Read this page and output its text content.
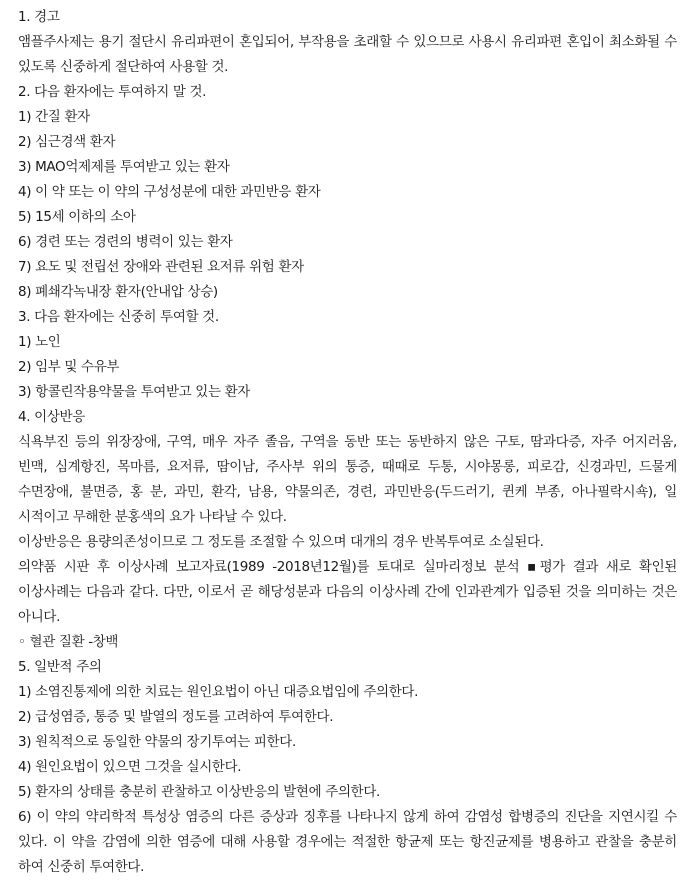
1. 경고

앰플주사제는 용기 절단시 유리파편이 혼입되어, 부작용을 초래할 수 있으므로 사용시 유리파편 혼입이 최소화될 수 있도록 신중하게 절단하여 사용할 것.

2. 다음 환자에는 투여하지 말 것.

1) 간질 환자

2) 심근경색 환자

3) MAO억제제를 투여받고 있는 환자

4) 이 약 또는 이 약의 구성성분에 대한 과민반응 환자

5) 15세 이하의 소아

6) 경련 또는 경련의 병력이 있는 환자

7) 요도 및 전립선 장애와 관련된 요저류 위험 환자

8) 폐쇄각녹내장 환자(안내압 상승)

3. 다음 환자에는 신중히 투여할 것.

1) 노인

2) 임부 및 수유부

3) 항콜린작용약물을 투여받고 있는 환자

4. 이상반응

식욕부진 등의 위장장애, 구역, 매우 자주 졸음, 구역을 동반 또는 동반하지 않은 구토, 땀과다증, 자주 어지러움, 빈맥, 심계항진, 목마름, 요저류, 땀이남, 주사부 위의 통증, 때때로 두통, 시야몽롱, 피로감, 신경과민, 드물게 수면장애, 불면증, 홍 분, 과민, 환각, 남용, 약물의존, 경련, 과민반응(두드러기, 퀸케 부종, 아나필락시쇽), 일 시적이고 무해한 분홍색의 요가 나타날 수 있다.

이상반응은 용량의존성이므로 그 정도를 조절할 수 있으며 대개의 경우 반복투여로 소실된다.

의약품 시판 후 이상사례 보고자료(1989 -2018년12월)를 토대로 실마리정보 분석 ▪평가 결과 새로 확인된 이상사례는 다음과 같다. 다만, 이로서 곧 해당성분과 다음의 이상사례 간에 인과관계가 입증된 것을 의미하는 것은 아니다.

◦ 혈관 질환 -창백

5. 일반적 주의

1) 소염진통제에 의한 치료는 원인요법이 아닌 대증요법임에 주의한다.

2) 급성염증, 통증 및 발열의 정도를 고려하여 투여한다.

3) 원칙적으로 동일한 약물의 장기투여는 피한다.

4) 원인요법이 있으면 그것을 실시한다.

5) 환자의 상태를 충분히 관찰하고 이상반응의 발현에 주의한다.

6) 이 약의 약리학적 특성상 염증의 다른 증상과 징후를 나타나지 않게 하여 감염성 합병증의 진단을 지연시킬 수 있다. 이 약을 감염에 의한 염증에 대해 사용할 경우에는 적절한 항균제 또는 항진균제를 병용하고 관찰을 충분히 하여 신중히 투여한다.
